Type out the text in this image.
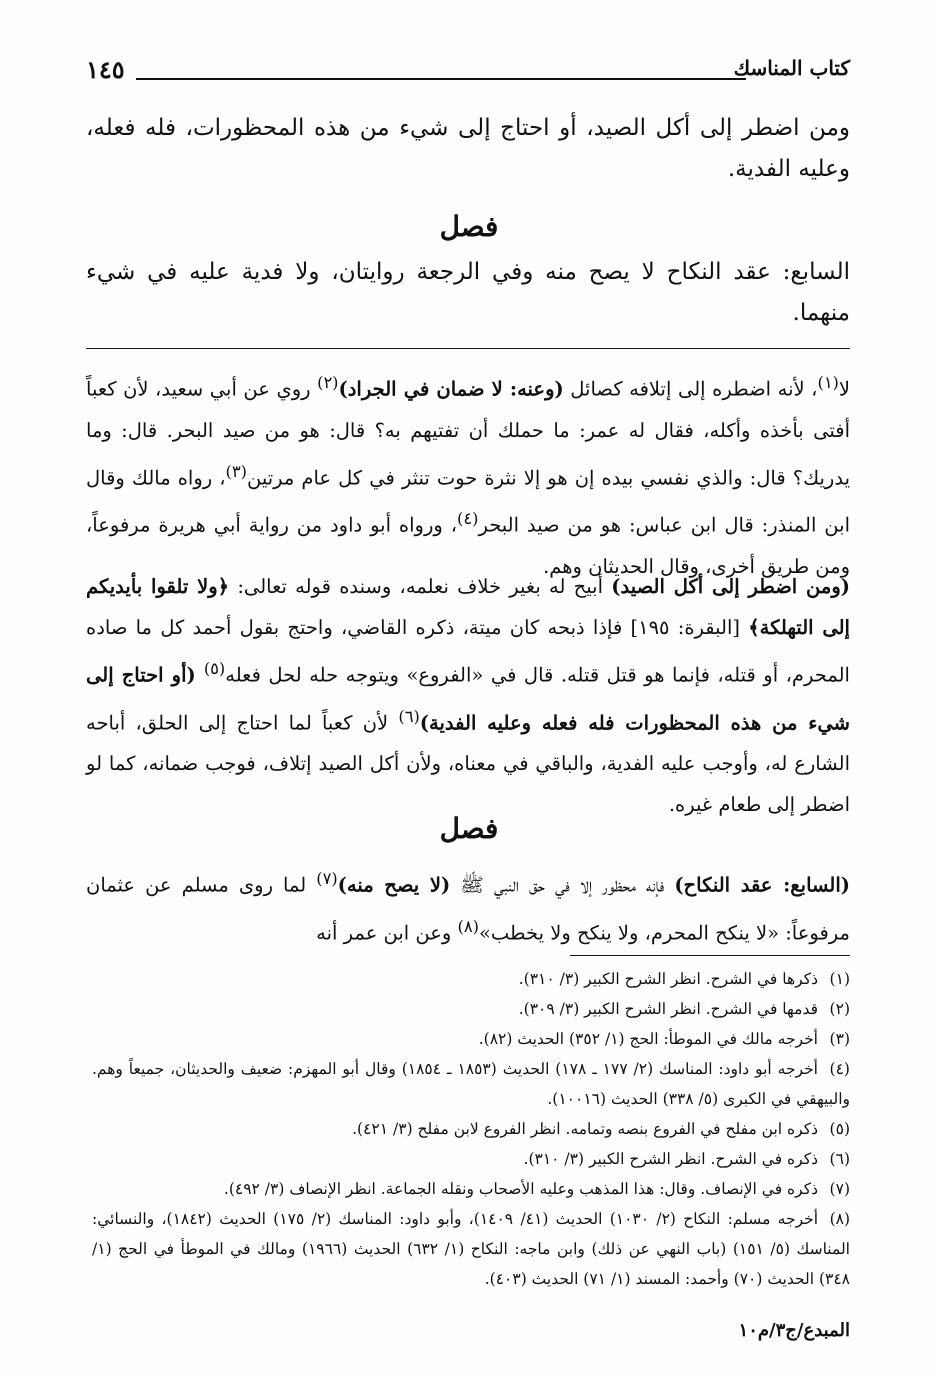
كتاب المناسك
١٤٥

ومن اضطر إلى أكل الصيد، أو احتاج إلى شيء من هذه المحظورات، فله فعله، وعليه الفدية.

فصل

السابع: عقد النكاح لا يصح منه وفي الرجعة روايتان، ولا فدية عليه في شيء منهما.

لا$^{(١)}$، لأنه اضطره إلى إتلافه كصائل (وعنه: لا ضمان في الجراد)$^{(٢)}$ روي عن أبي سعيد، لأن كعباً أفتى بأخذه وأكله، فقال له عمر: ما حملك أن تفتيهم به؟ قال: هو من صيد البحر. قال: وما يدريك؟ قال: والذي نفسي بيده إن هو إلا نثرة حوت تنثر في كل عام مرتين$^{(٣)}$، رواه مالك وقال ابن المنذر: قال ابن عباس: هو من صيد البحر$^{(٤)}$، ورواه أبو داود من رواية أبي هريرة مرفوعاً، ومن طريق أخرى، وقال الحديثان وهم.

(ومن اضطر إلى أكل الصيد) أبيح له بغير خلاف نعلمه، وسنده قوله تعالى: ﴿ولا تلقوا بأيديكم إلى التهلكة﴾ [البقرة: ١٩٥] فإذا ذبحه كان ميتة، ذكره القاضي، واحتج بقول أحمد كل ما صاده المحرم، أو قتله، فإنما هو قتل قتله. قال في «الفروع» ويتوجه حله لحل فعله$^{(٥)}$ (أو احتاج إلى شيء من هذه المحظورات فله فعله وعليه الفدية)$^{(٦)}$ لأن كعباً لما احتاج إلى الحلق، أباحه الشارع له، وأوجب عليه الفدية، والباقي في معناه، ولأن أكل الصيد إتلاف، فوجب ضمانه، كما لو اضطر إلى طعام غيره.

فصل

(السابع: عقد النكاح) فإنه محظور إلا في حق النبي ﷺ (لا يصح منه)$^{(٧)}$ لما روى مسلم عن عثمان مرفوعاً: «لا ينكح المحرم، ولا ينكح ولا يخطب»$^{(٨)}$ وعن ابن عمر أنه

(١)ذكرها في الشرح. انظر الشرح الكبير (٣/ ٣١٠).

(٢)قدمها في الشرح. انظر الشرح الكبير (٣/ ٣٠٩).

(٣)أخرجه مالك في الموطأ: الحج (١/ ٣٥٢) الحديث (٨٢).

(٤)أخرجه أبو داود: المناسك (٢/ ١٧٧ ـ ١٧٨) الحديث (١٨٥٣ ـ ١٨٥٤) وقال أبو المهزم: ضعيف والحديثان، جميعاً وهم. والبيهقي في الكبرى (٥/ ٣٣٨) الحديث (١٠٠١٦).

(٥)ذكره ابن مفلح في الفروع بنصه وتمامه. انظر الفروع لابن مفلح (٣/ ٤٢١).

(٦)ذكره في الشرح. انظر الشرح الكبير (٣/ ٣١٠).

(٧)ذكره في الإنصاف. وقال: هذا المذهب وعليه الأصحاب ونقله الجماعة. انظر الإنصاف (٣/ ٤٩٢).

(٨)أخرجه مسلم: النكاح (٢/ ١٠٣٠) الحديث (٤١/ ١٤٠٩)، وأبو داود: المناسك (٢/ ١٧٥) الحديث (١٨٤٢)، والنسائي: المناسك (٥/ ١٥١) (باب النهي عن ذلك) وابن ماجه: النكاح (١/ ٦٣٢) الحديث (١٩٦٦) ومالك في الموطأ في الحج (١/ ٣٤٨) الحديث (٧٠) وأحمد: المسند (١/ ٧١) الحديث (٤٠٣).

المبدع/ج٣/م١٠
